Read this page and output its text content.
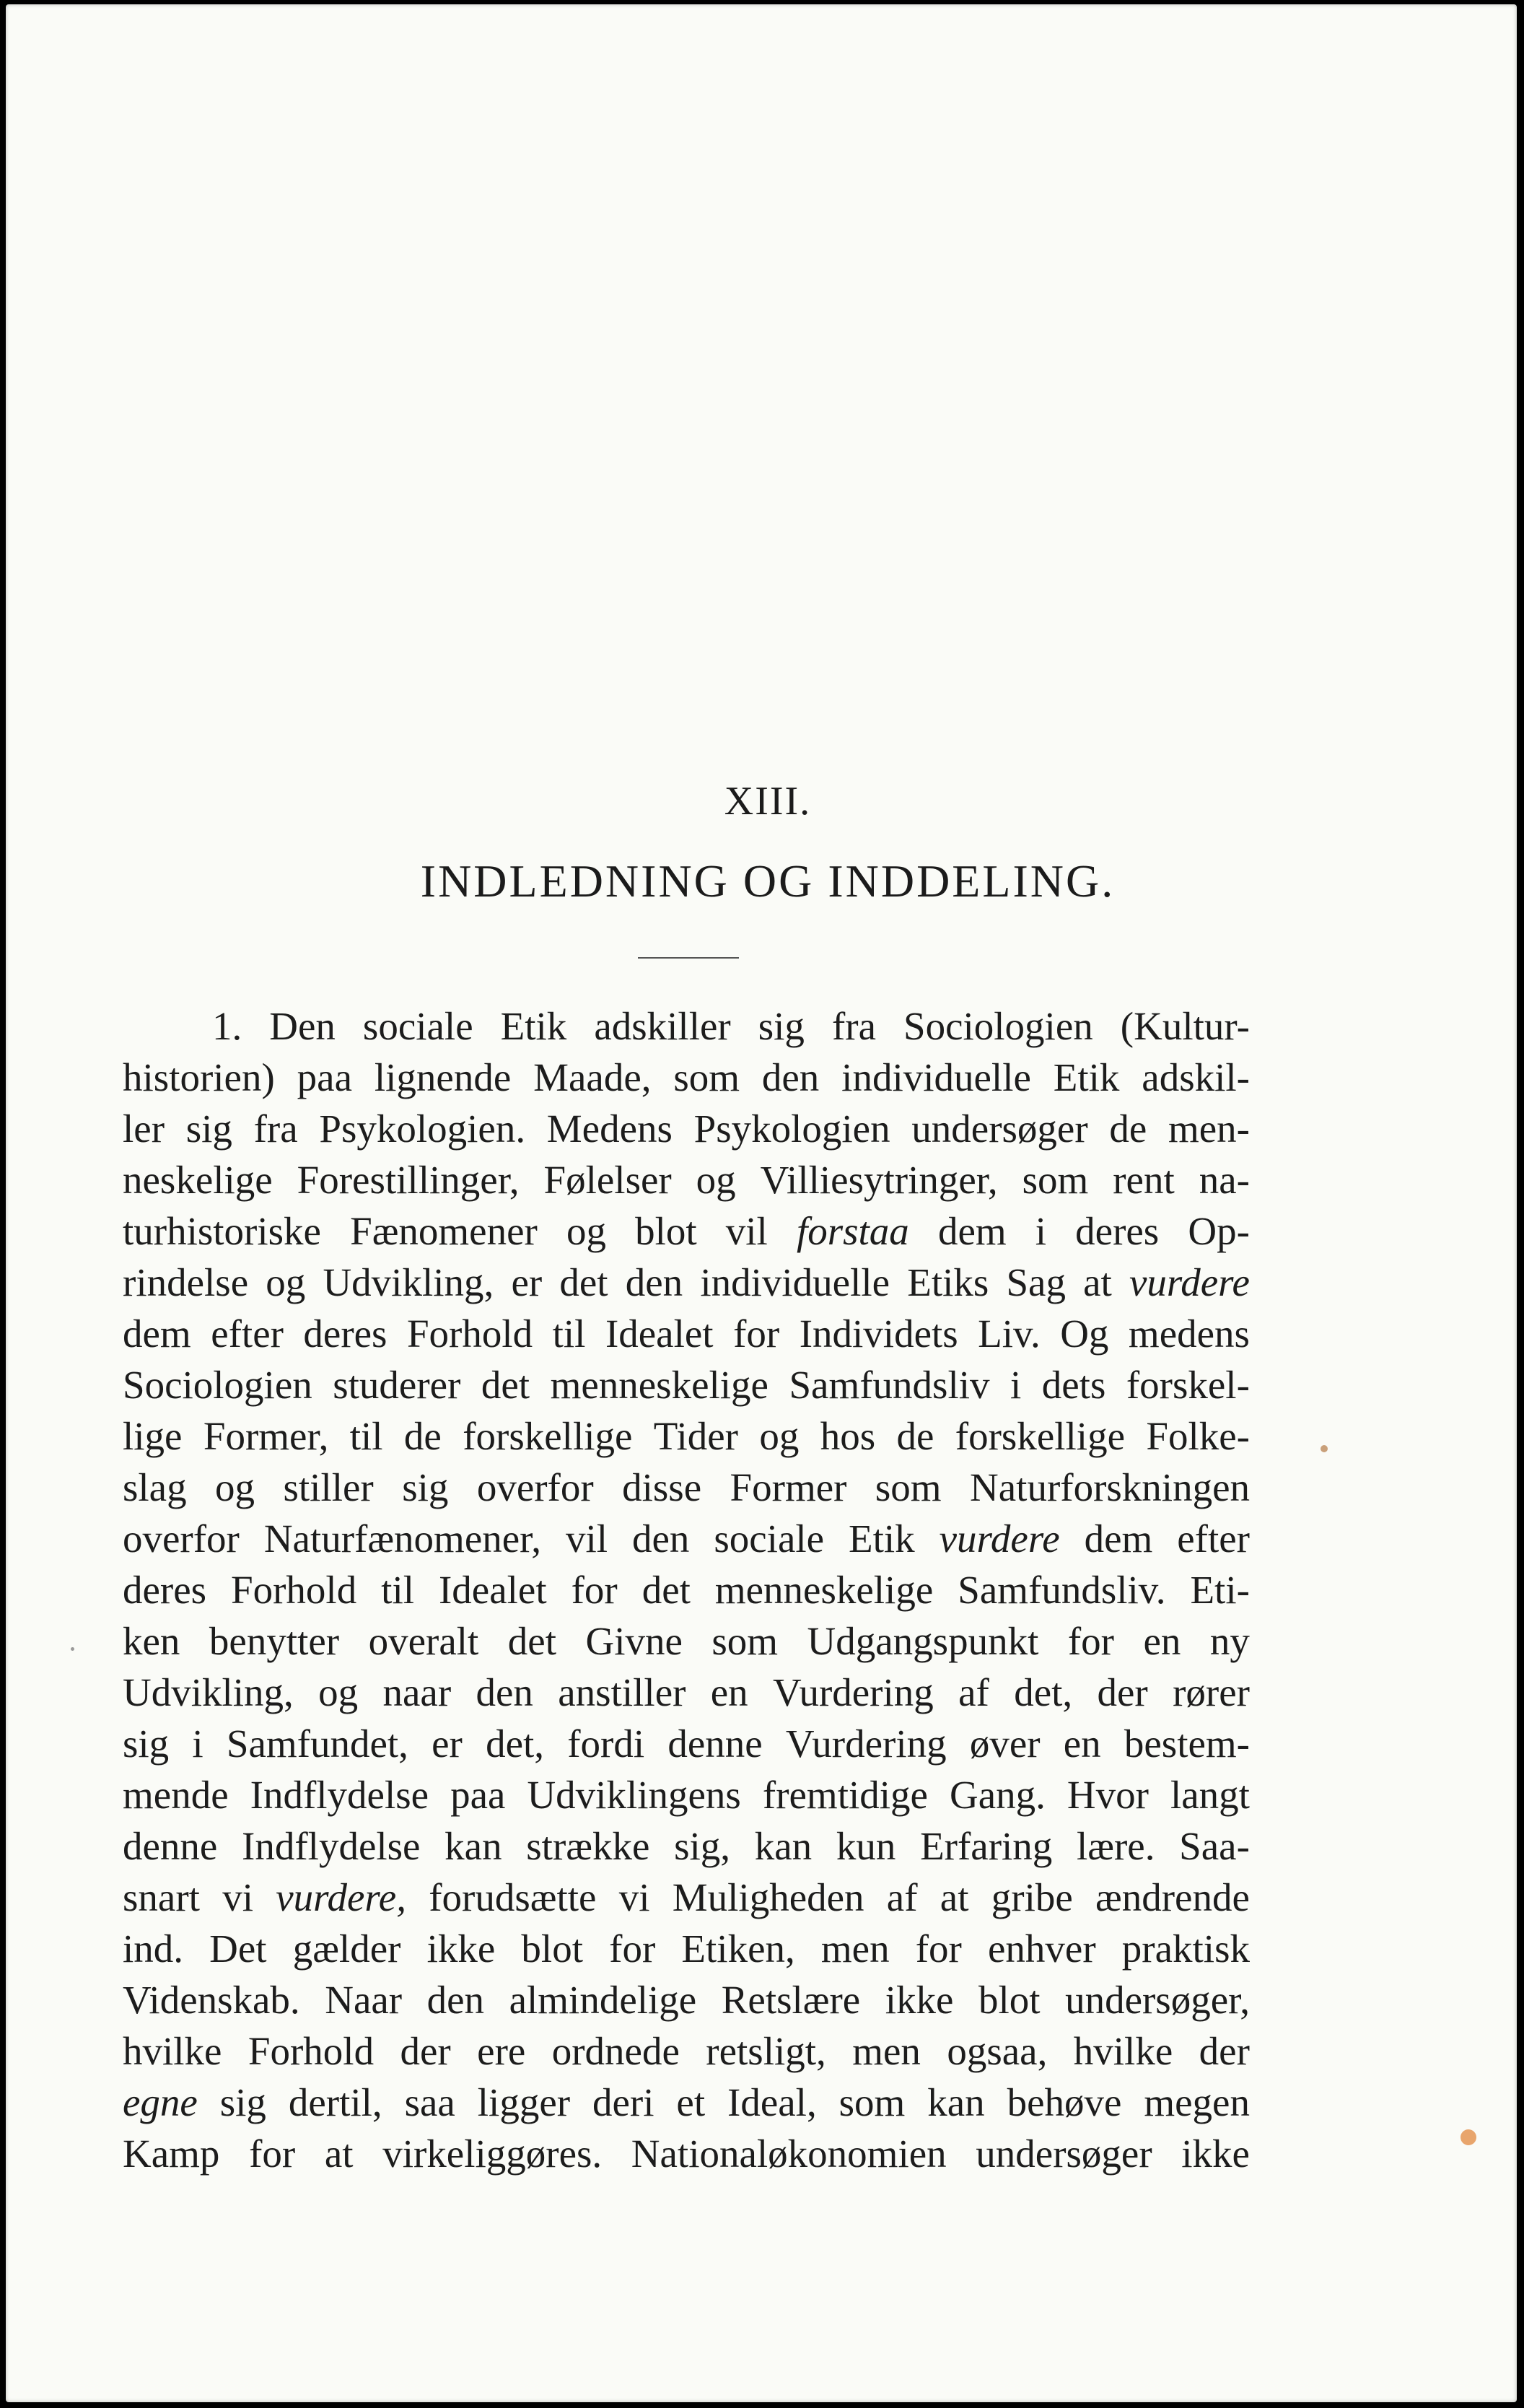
XIII.
INDLEDNING OG INDDELING.
1. Den sociale Etik adskiller sig fra Sociologien (Kultur-
historien) paa lignende Maade, som den individuelle Etik adskil-
ler sig fra Psykologien. Medens Psykologien undersøger de men-
neskelige Forestillinger, Følelser og Villiesytringer, som rent na-
turhistoriske Fænomener og blot vil forstaa dem i deres Op-
rindelse og Udvikling, er det den individuelle Etiks Sag at vurdere
dem efter deres Forhold til Idealet for Individets Liv. Og medens
Sociologien studerer det menneskelige Samfundsliv i dets forskel-
lige Former, til de forskellige Tider og hos de forskellige Folke-
slag og stiller sig overfor disse Former som Naturforskningen
overfor Naturfænomener, vil den sociale Etik vurdere dem efter
deres Forhold til Idealet for det menneskelige Samfundsliv. Eti-
ken benytter overalt det Givne som Udgangspunkt for en ny
Udvikling, og naar den anstiller en Vurdering af det, der rører
sig i Samfundet, er det, fordi denne Vurdering øver en bestem-
mende Indflydelse paa Udviklingens fremtidige Gang. Hvor langt
denne Indflydelse kan strække sig, kan kun Erfaring lære. Saa-
snart vi vurdere, forudsætte vi Muligheden af at gribe ændrende
ind. Det gælder ikke blot for Etiken, men for enhver praktisk
Videnskab. Naar den almindelige Retslære ikke blot undersøger,
hvilke Forhold der ere ordnede retsligt, men ogsaa, hvilke der
egne sig dertil, saa ligger deri et Ideal, som kan behøve megen
Kamp for at virkeliggøres. Nationaløkonomien undersøger ikke
